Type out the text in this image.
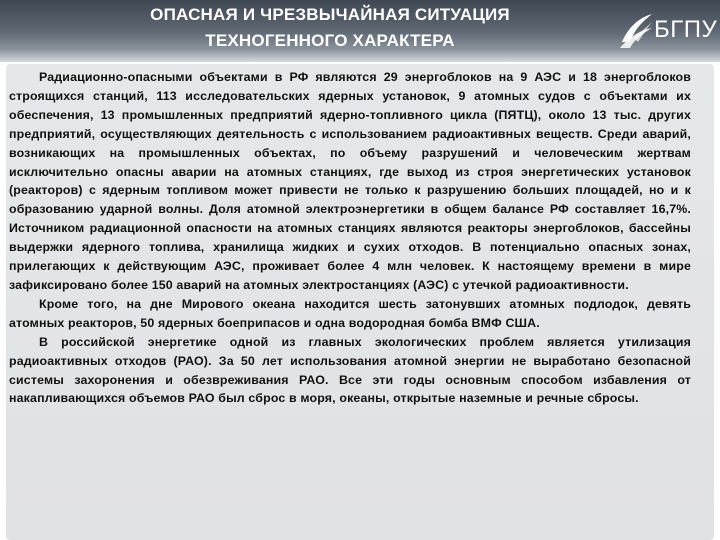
ОПАСНАЯ И ЧРЕЗВЫЧАЙНАЯ СИТУАЦИЯ
ТЕХНОГЕННОГО ХАРАКТЕРА	БГПУ

Радиационно-опасными объектами в РФ являются 29 энергоблоков на 9 АЭС и 18 энергоблоков строящихся станций, 113 исследовательских ядерных установок, 9 атомных судов с объектами их обеспечения, 13 промышленных предприятий ядерно-топливного цикла (ПЯТЦ), около 13 тыс. других предприятий, осуществляющих деятельность с использованием радиоактивных веществ. Среди аварий, возникающих на промышленных объектах, по объему разрушений и человеческим жертвам исключительно опасны аварии на атомных станциях, где выход из строя энергетических установок (реакторов) с ядерным топливом может привести не только к разрушению больших площадей, но и к образованию ударной волны. Доля атомной электроэнергетики в общем балансе РФ составляет 16,7%. Источником радиационной опасности на атомных станциях являются реакторы энергоблоков, бассейны выдержки ядерного топлива, хранилища жидких и сухих отходов. В потенциально опасных зонах, прилегающих к действующим АЭС, проживает более 4 млн человек. К настоящему времени в мире зафиксировано более 150 аварий на атомных электростанциях (АЭС) с утечкой радиоактивности.

Кроме того, на дне Мирового океана находится шесть затонувших атомных подлодок, девять атомных реакторов, 50 ядерных боеприпасов и одна водородная бомба ВМФ США.

В российской энергетике одной из главных экологических проблем является утилизация радиоактивных отходов (РАО). За 50 лет использования атомной энергии не выработано безопасной системы захоронения и обезвреживания РАО. Все эти годы основным способом избавления от накапливающихся объемов РАО был сброс в моря, океаны, открытые наземные и речные сбросы.
